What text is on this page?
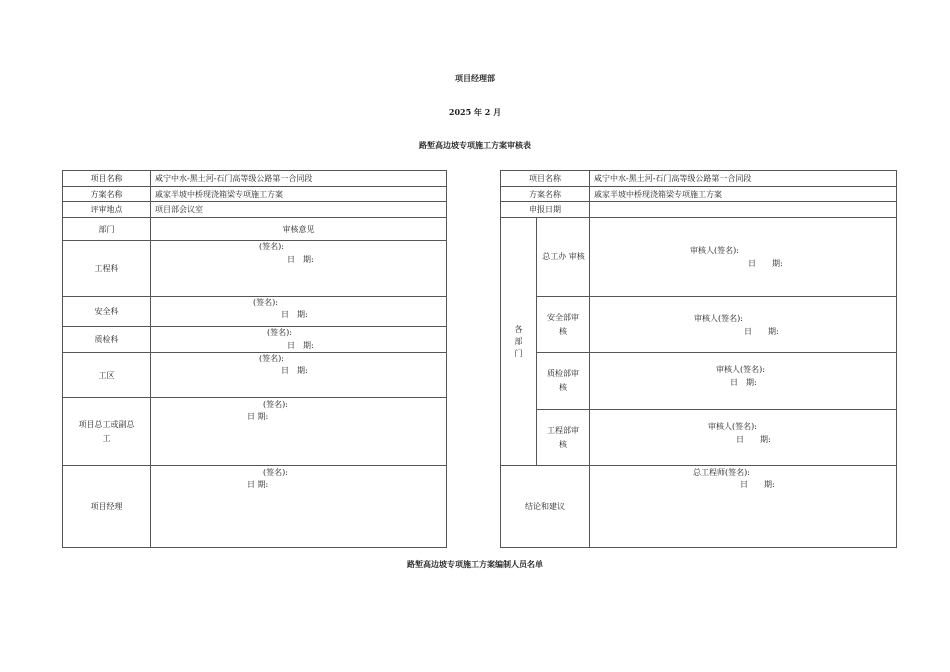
项目经理部
2025 年 2 月
路堑高边坡专项施工方案审核表
项目名称	咸宁中水-黑土河-石门高等级公路第一合同段
方案名称	戚家半坡中桥现浇箱梁专项施工方案
评审地点	项目部会议室
部门	审核意见
工程科	(签名):
日　期:

安全科	(签名):
日　期:

质检科	(签名):
日　期:

工区	(签名):
日　期:

项目总工或副总工	(签名):
日 期:

项目经理	(签名):
日 期:
项目名称		咸宁中水-黑土河-石门高等级公路第一合同段
方案名称		戚家半坡中桥现浇箱梁专项施工方案
申报日期		

各部门	总工办 审核	审核人(签名):
日　　期:

	安全部审核	审核人(签名):
日　　期:

	质检部审核	审核人(签名):
日　期:

	工程部审核	审核人(签名):
日　　期:

结论和建议		总工程师(签名):
日　　期:
路堑高边坡专项施工方案编制人员名单
